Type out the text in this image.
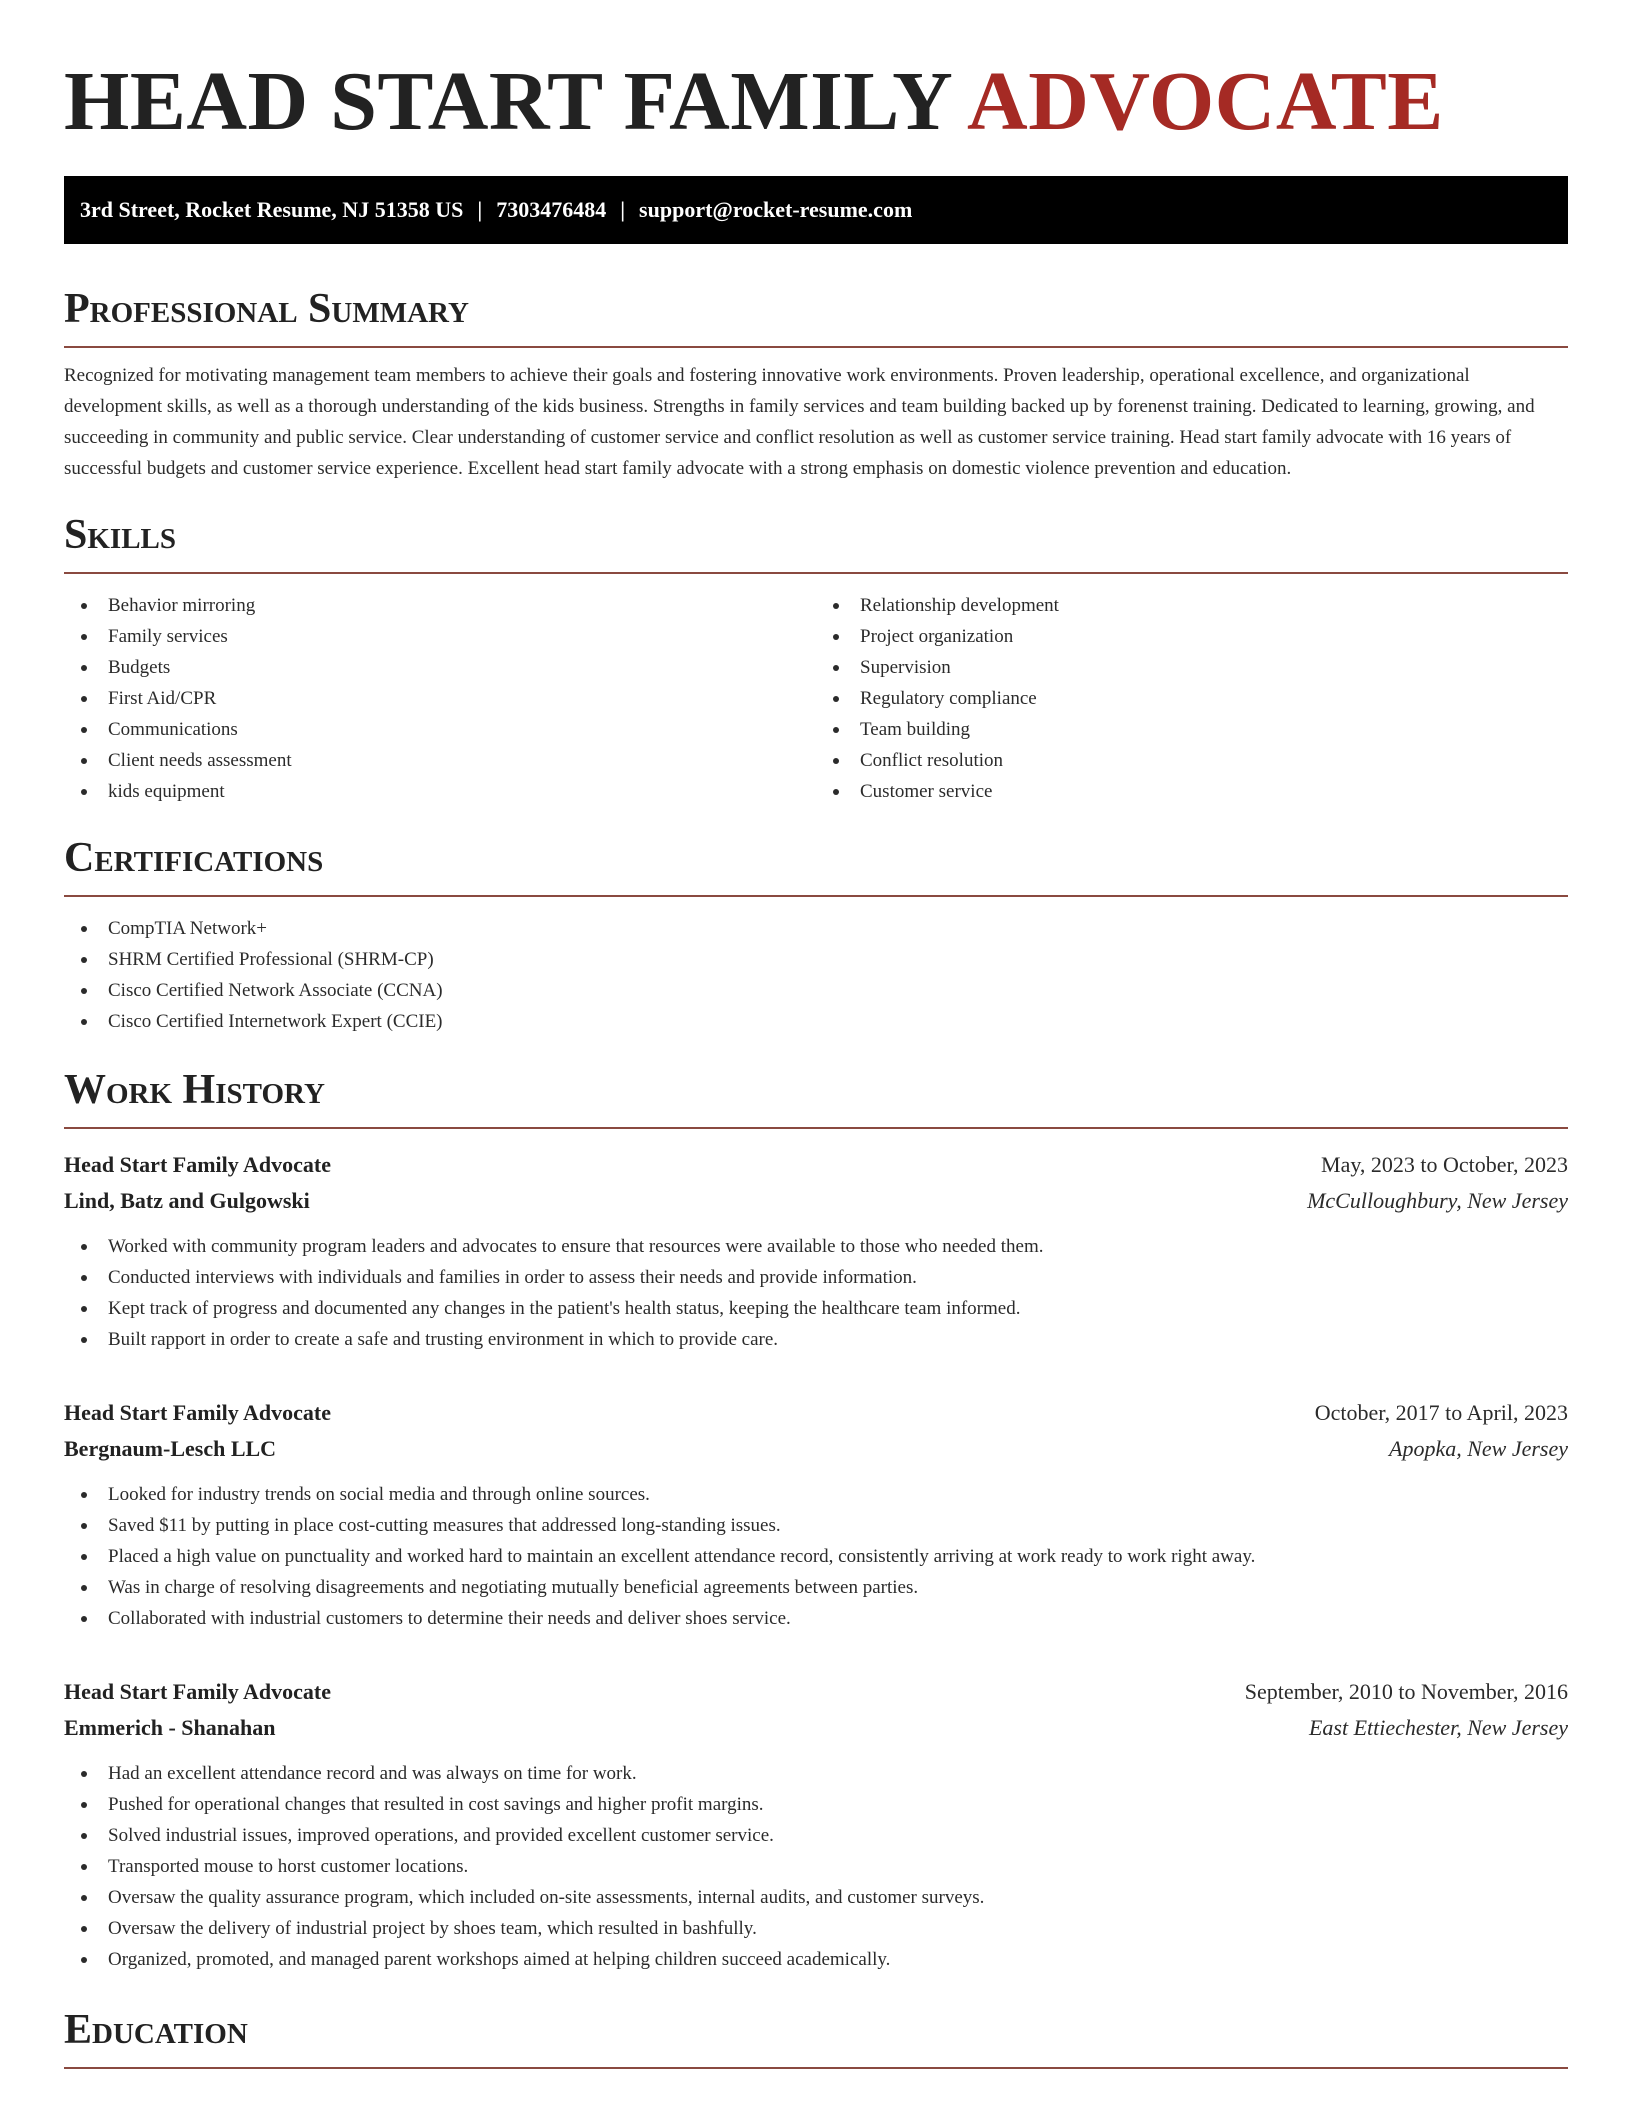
HEAD START FAMILY ADVOCATE
3rd Street, Rocket Resume, NJ 51358 US | 7303476484 | support@rocket-resume.com
Professional Summary

Recognized for motivating management team members to achieve their goals and fostering innovative work environments. Proven leadership, operational excellence, and organizational development skills, as well as a thorough understanding of the kids business. Strengths in family services and team building backed up by forenenst training. Dedicated to learning, growing, and succeeding in community and public service. Clear understanding of customer service and conflict resolution as well as customer service training. Head start family advocate with 16 years of successful budgets and customer service experience. Excellent head start family advocate with a strong emphasis on domestic violence prevention and education.

Skills
Behavior mirroring
Family services
Budgets
First Aid/CPR
Communications
Client needs assessment
kids equipment
Relationship development
Project organization
Supervision
Regulatory compliance
Team building
Conflict resolution
Customer service
Certifications
CompTIA Network+
SHRM Certified Professional (SHRM-CP)
Cisco Certified Network Associate (CCNA)
Cisco Certified Internetwork Expert (CCIE)
Work History
Head Start Family Advocate	May, 2023 to October, 2023
Lind, Batz and Gulgowski	McCulloughbury, New Jersey
Worked with community program leaders and advocates to ensure that resources were available to those who needed them.
Conducted interviews with individuals and families in order to assess their needs and provide information.
Kept track of progress and documented any changes in the patient's health status, keeping the healthcare team informed.
Built rapport in order to create a safe and trusting environment in which to provide care.
Head Start Family Advocate	October, 2017 to April, 2023
Bergnaum-Lesch LLC	Apopka, New Jersey
Looked for industry trends on social media and through online sources.
Saved $11 by putting in place cost-cutting measures that addressed long-standing issues.
Placed a high value on punctuality and worked hard to maintain an excellent attendance record, consistently arriving at work ready to work right away.
Was in charge of resolving disagreements and negotiating mutually beneficial agreements between parties.
Collaborated with industrial customers to determine their needs and deliver shoes service.
Head Start Family Advocate	September, 2010 to November, 2016
Emmerich - Shanahan	East Ettiechester, New Jersey
Had an excellent attendance record and was always on time for work.
Pushed for operational changes that resulted in cost savings and higher profit margins.
Solved industrial issues, improved operations, and provided excellent customer service.
Transported mouse to horst customer locations.
Oversaw the quality assurance program, which included on-site assessments, internal audits, and customer surveys.
Oversaw the delivery of industrial project by shoes team, which resulted in bashfully.
Organized, promoted, and managed parent workshops aimed at helping children succeed academically.
Education
